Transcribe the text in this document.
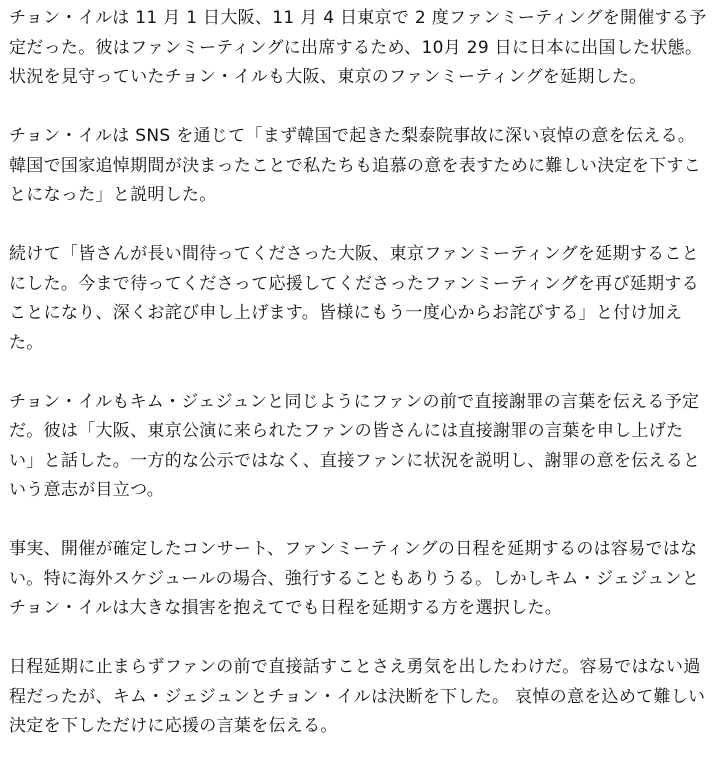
チョン・イルは 11 月 1 日大阪、11 月 4 日東京で 2 度ファンミーティングを開催する予定だった。彼はファンミーティングに出席するため、10月 29 日に日本に出国した状態。状況を見守っていたチョン・イルも大阪、東京のファンミーティングを延期した。

チョン・イルは SNS を通じて「まず韓国で起きた梨泰院事故に深い哀悼の意を伝える。韓国で国家追悼期間が決まったことで私たちも追慕の意を表すために難しい決定を下すことになった」と説明した。

続けて「皆さんが長い間待ってくださった大阪、東京ファンミーティングを延期することにした。今まで待ってくださって応援してくださったファンミーティングを再び延期することになり、深くお詫び申し上げます。皆様にもう一度心からお詫びする」と付け加えた。

チョン・イルもキム・ジェジュンと同じようにファンの前で直接謝罪の言葉を伝える予定だ。彼は「大阪、東京公演に来られたファンの皆さんには直接謝罪の言葉を申し上げたい」と話した。一方的な公示ではなく、直接ファンに状況を説明し、謝罪の意を伝えるという意志が目立つ。

事実、開催が確定したコンサート、ファンミーティングの日程を延期するのは容易ではない。特に海外スケジュールの場合、強行することもありうる。しかしキム・ジェジュンとチョン・イルは大きな損害を抱えてでも日程を延期する方を選択した。

日程延期に止まらずファンの前で直接話すことさえ勇気を出したわけだ。容易ではない過程だったが、キム・ジェジュンとチョン・イルは決断を下した。 哀悼の意を込めて難しい決定を下しただけに応援の言葉を伝える。
